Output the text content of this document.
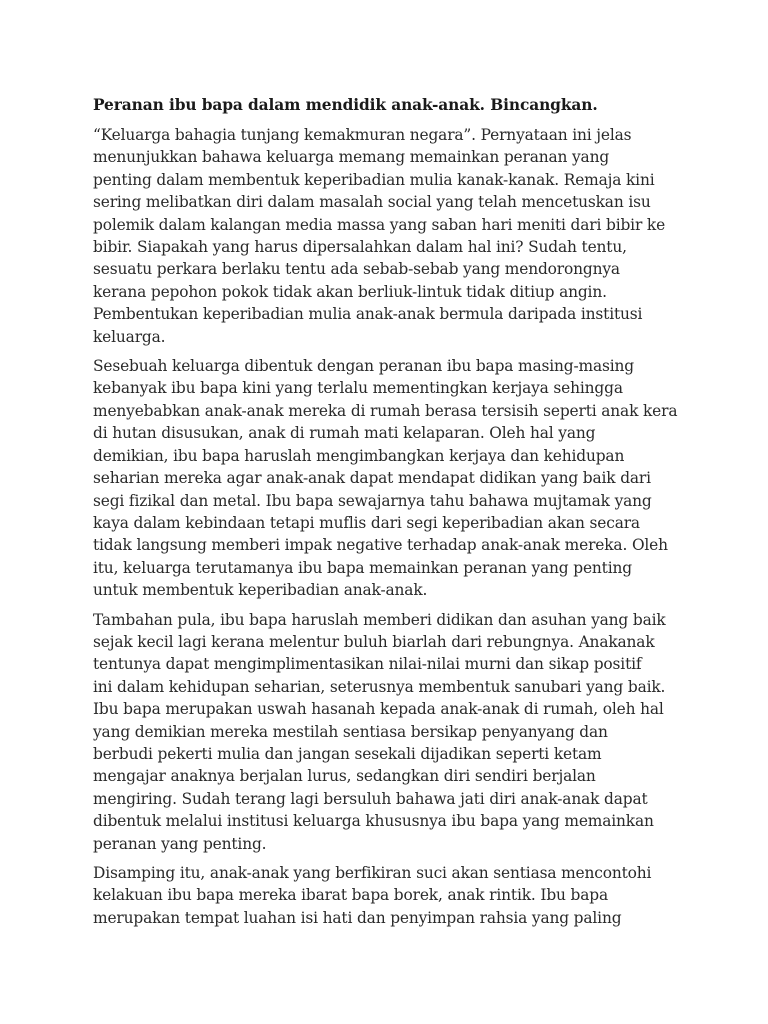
Peranan ibu bapa dalam mendidik anak-anak. Bincangkan.
“Keluarga bahagia tunjang kemakmuran negara”. Pernyataan ini jelas
menunjukkan bahawa keluarga memang memainkan peranan yang
penting dalam membentuk keperibadian mulia kanak-kanak. Remaja kini
sering melibatkan diri dalam masalah social yang telah mencetuskan isu
polemik dalam kalangan media massa yang saban hari meniti dari bibir ke
bibir. Siapakah yang harus dipersalahkan dalam hal ini? Sudah tentu,
sesuatu perkara berlaku tentu ada sebab-sebab yang mendorongnya
kerana pepohon pokok tidak akan berliuk-lintuk tidak ditiup angin.
Pembentukan keperibadian mulia anak-anak bermula daripada institusi
keluarga.
Sesebuah keluarga dibentuk dengan peranan ibu bapa masing-masing
kebanyak ibu bapa kini yang terlalu mementingkan kerjaya sehingga
menyebabkan anak-anak mereka di rumah berasa tersisih seperti anak kera
di hutan disusukan, anak di rumah mati kelaparan. Oleh hal yang
demikian, ibu bapa haruslah mengimbangkan kerjaya dan kehidupan
seharian mereka agar anak-anak dapat mendapat didikan yang baik dari
segi fizikal dan metal. Ibu bapa sewajarnya tahu bahawa mujtamak yang
kaya dalam kebindaan tetapi muflis dari segi keperibadian akan secara
tidak langsung memberi impak negative terhadap anak-anak mereka. Oleh
itu, keluarga terutamanya ibu bapa memainkan peranan yang penting
untuk membentuk keperibadian anak-anak.
Tambahan pula, ibu bapa haruslah memberi didikan dan asuhan yang baik
sejak kecil lagi kerana melentur buluh biarlah dari rebungnya. Anakanak
tentunya dapat mengimplimentasikan nilai-nilai murni dan sikap positif
ini dalam kehidupan seharian, seterusnya membentuk sanubari yang baik.
Ibu bapa merupakan uswah hasanah kepada anak-anak di rumah, oleh hal
yang demikian mereka mestilah sentiasa bersikap penyanyang dan
berbudi pekerti mulia dan jangan sesekali dijadikan seperti ketam
mengajar anaknya berjalan lurus, sedangkan diri sendiri berjalan
mengiring. Sudah terang lagi bersuluh bahawa jati diri anak-anak dapat
dibentuk melalui institusi keluarga khususnya ibu bapa yang memainkan
peranan yang penting.
Disamping itu, anak-anak yang berfikiran suci akan sentiasa mencontohi
kelakuan ibu bapa mereka ibarat bapa borek, anak rintik. Ibu bapa
merupakan tempat luahan isi hati dan penyimpan rahsia yang paling
